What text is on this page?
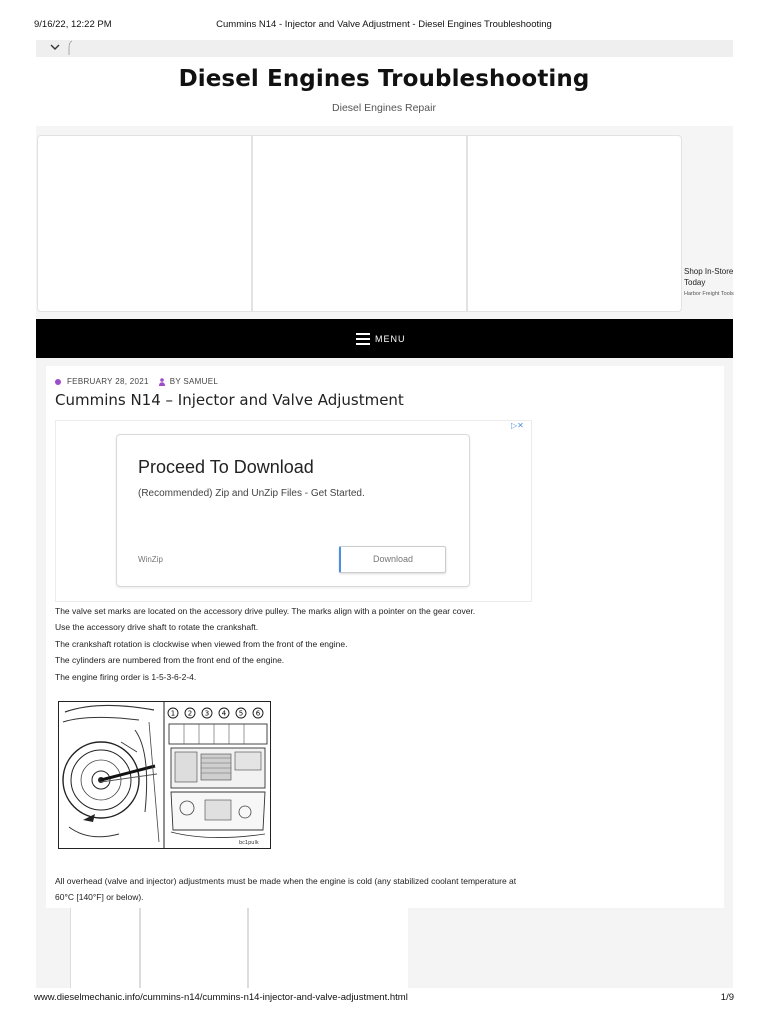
9/16/22, 12:22 PM	Cummins N14 - Injector and Valve Adjustment - Diesel Engines Troubleshooting
Diesel Engines Troubleshooting
Diesel Engines Repair
Shop In-Store Today
Harbor Freight Tools
MENU
FEBRUARY 28, 2021	BY SAMUEL
Cummins N14 – Injector and Valve Adjustment
▷✕
Proceed To Download
(Recommended) Zip and UnZip Files - Get Started.
WinZip	Download
The valve set marks are located on the accessory drive pulley. The marks align with a pointer on the gear cover.
Use the accessory drive shaft to rotate the crankshaft.
The crankshaft rotation is clockwise when viewed from the front of the engine.
The cylinders are numbered from the front end of the engine.
The engine firing order is 1-5-3-6-2-4.
1 2 3 4 5 6
bc1pulk
All overhead (valve and injector) adjustments must be made when the engine is cold (any stabilized coolant temperature at 60°C [140°F] or below).
www.dieselmechanic.info/cummins-n14/cummins-n14-injector-and-valve-adjustment.html	1/9
